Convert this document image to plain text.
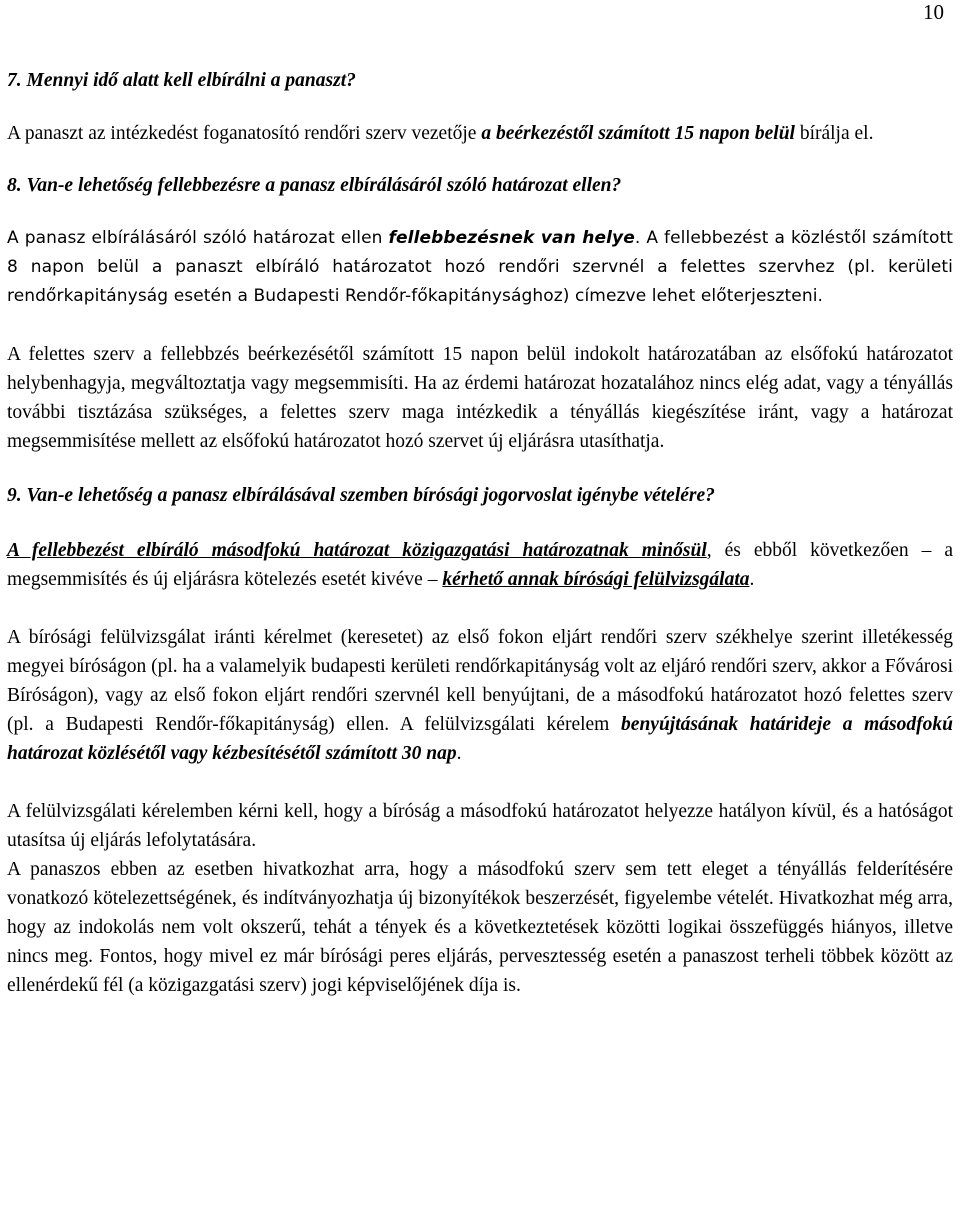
10

7. Mennyi idő alatt kell elbírálni a panaszt?

A panaszt az intézkedést foganatosító rendőri szerv vezetője a beérkezéstől számított 15 napon belül bírálja el.

8. Van-e lehetőség fellebbezésre a panasz elbírálásáról szóló határozat ellen?

A panasz elbírálásáról szóló határozat ellen fellebbezésnek van helye. A fellebbezést a közléstől számított 8 napon belül a panaszt elbíráló határozatot hozó rendőri szervnél a felettes szervhez (pl. kerületi rendőrkapitányság esetén a Budapesti Rendőr-főkapitánysághoz) címezve lehet előterjeszteni.

A felettes szerv a fellebbzés beérkezésétől számított 15 napon belül indokolt határozatában az elsőfokú határozatot helybenhagyja, megváltoztatja vagy megsemmisíti. Ha az érdemi határozat hozatalához nincs elég adat, vagy a tényállás további tisztázása szükséges, a felettes szerv maga intézkedik a tényállás kiegészítése iránt, vagy a határozat megsemmisítése mellett az elsőfokú határozatot hozó szervet új eljárásra utasíthatja.

9. Van-e lehetőség a panasz elbírálásával szemben bírósági jogorvoslat igénybe vételére?

A fellebbezést elbíráló másodfokú határozat közigazgatási határozatnak minősül, és ebből következően – a megsemmisítés és új eljárásra kötelezés esetét kivéve – kérhető annak bírósági felülvizsgálata.

A bírósági felülvizsgálat iránti kérelmet (keresetet) az első fokon eljárt rendőri szerv székhelye szerint illetékesség megyei bíróságon (pl. ha a valamelyik budapesti kerületi rendőrkapitányság volt az eljáró rendőri szerv, akkor a Fővárosi Bíróságon), vagy az első fokon eljárt rendőri szervnél kell benyújtani, de a másodfokú határozatot hozó felettes szerv (pl. a Budapesti Rendőr-főkapitányság) ellen. A felülvizsgálati kérelem benyújtásának határideje a másodfokú határozat közlésétől vagy kézbesítésétől számított 30 nap.

A felülvizsgálati kérelemben kérni kell, hogy a bíróság a másodfokú határozatot helyezze hatályon kívül, és a hatóságot utasítsa új eljárás lefolytatására.

A panaszos ebben az esetben hivatkozhat arra, hogy a másodfokú szerv sem tett eleget a tényállás felderítésére vonatkozó kötelezettségének, és indítványozhatja új bizonyítékok beszerzését, figyelembe vételét. Hivatkozhat még arra, hogy az indokolás nem volt okszerű, tehát a tények és a következtetések közötti logikai összefüggés hiányos, illetve nincs meg. Fontos, hogy mivel ez már bírósági peres eljárás, pervesztesség esetén a panaszost terheli többek között az ellenérdekű fél (a közigazgatási szerv) jogi képviselőjének díja is.
